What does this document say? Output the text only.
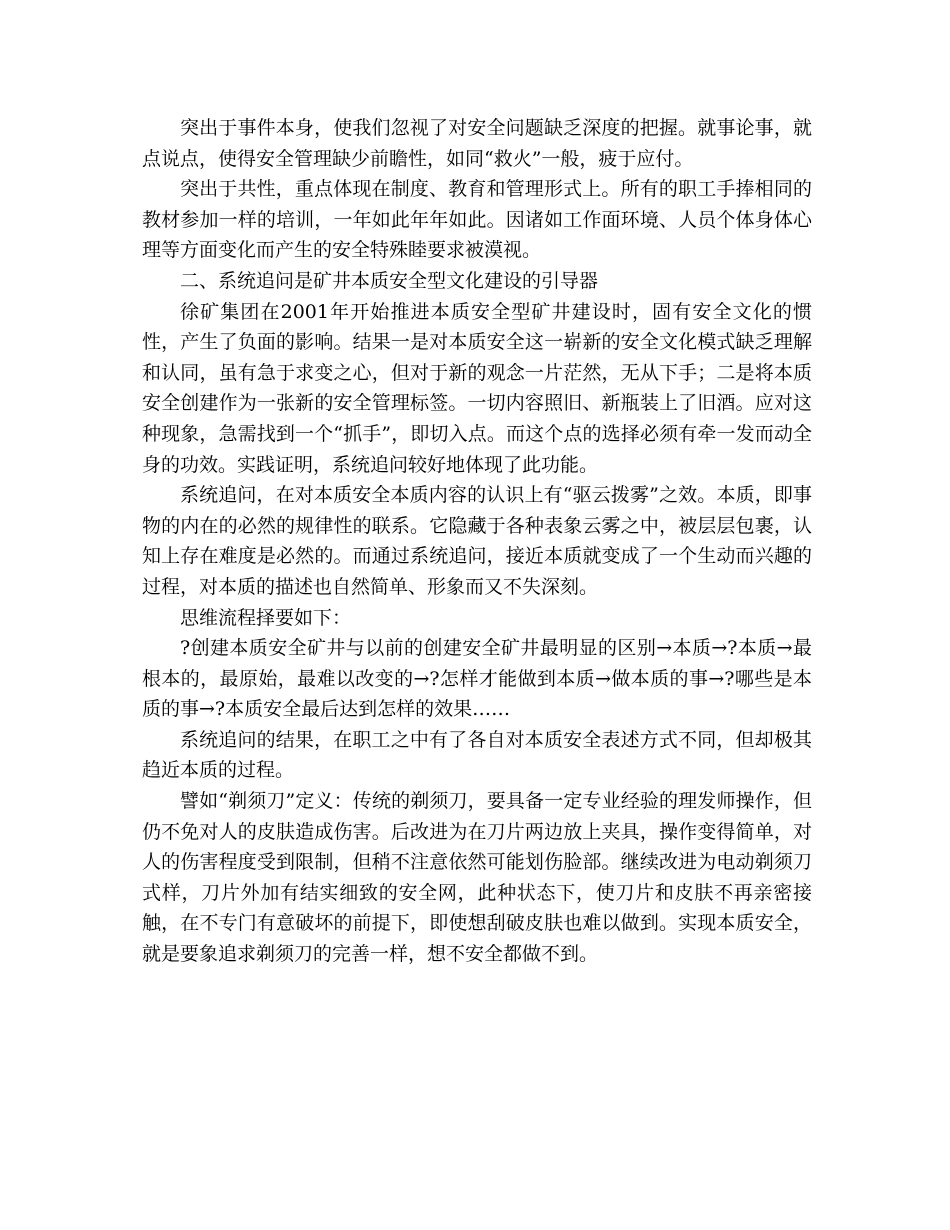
突出于事件本身，使我们忽视了对安全问题缺乏深度的把握。就事论事，就点说点，使得安全管理缺少前瞻性，如同“救火”一般，疲于应付。

突出于共性，重点体现在制度、教育和管理形式上。所有的职工手捧相同的教材参加一样的培训，一年如此年年如此。因诸如工作面环境、人员个体身体心理等方面变化而产生的安全特殊睦要求被漠视。

二、系统追问是矿井本质安全型文化建设的引导器

徐矿集团在2001年开始推进本质安全型矿井建设时，固有安全文化的惯性，产生了负面的影响。结果一是对本质安全这一崭新的安全文化模式缺乏理解和认同，虽有急于求变之心，但对于新的观念一片茫然，无从下手；二是将本质安全创建作为一张新的安全管理标签。一切内容照旧、新瓶装上了旧酒。应对这种现象，急需找到一个“抓手”，即切入点。而这个点的选择必须有牵一发而动全身的功效。实践证明，系统追问较好地体现了此功能。

系统追问，在对本质安全本质内容的认识上有“驱云拨雾”之效。本质，即事物的内在的必然的规律性的联系。它隐藏于各种表象云雾之中，被层层包裹，认知上存在难度是必然的。而通过系统追问，接近本质就变成了一个生动而兴趣的过程，对本质的描述也自然简单、形象而又不失深刻。

思维流程择要如下：

?创建本质安全矿井与以前的创建安全矿井最明显的区别→本质→?本质→最根本的，最原始，最难以改变的→?怎样才能做到本质→做本质的事→?哪些是本质的事→?本质安全最后达到怎样的效果……

系统追问的结果，在职工之中有了各自对本质安全表述方式不同，但却极其趋近本质的过程。

譬如“剃须刀”定义：传统的剃须刀，要具备一定专业经验的理发师操作，但仍不免对人的皮肤造成伤害。后改进为在刀片两边放上夹具，操作变得简单，对人的伤害程度受到限制，但稍不注意依然可能划伤脸部。继续改进为电动剃须刀式样，刀片外加有结实细致的安全网，此种状态下，使刀片和皮肤不再亲密接触，在不专门有意破坏的前提下，即使想刮破皮肤也难以做到。实现本质安全，就是要象追求剃须刀的完善一样，想不安全都做不到。
